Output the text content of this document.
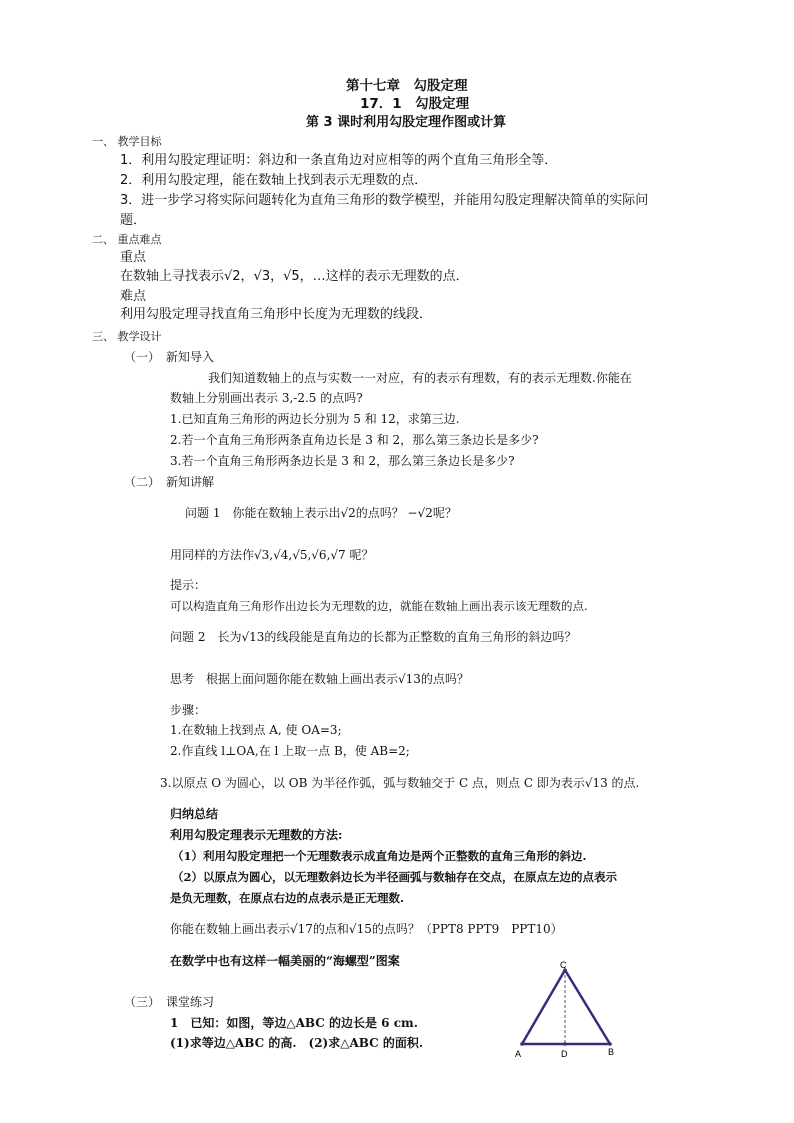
第十七章　勾股定理
17．1　勾股定理
第 3 课时利用勾股定理作图或计算
一、 教学目标
1．利用勾股定理证明：斜边和一条直角边对应相等的两个直角三角形全等．
2．利用勾股定理，能在数轴上找到表示无理数的点．
3．进一步学习将实际问题转化为直角三角形的数学模型，并能用勾股定理解决简单的实际问
题．
二、 重点难点
重点
在数轴上寻找表示√2，√3，√5，…这样的表示无理数的点．
难点
利用勾股定理寻找直角三角形中长度为无理数的线段．
三、 教学设计
（一）　新知导入
我们知道数轴上的点与实数一一对应，有的表示有理数，有的表示无理数.你能在
数轴上分别画出表示 3,-2.5 的点吗?
1.已知直角三角形的两边长分别为 5 和 12，求第三边.
2.若一个直角三角形两条直角边长是 3 和 2，那么第三条边长是多少?
3.若一个直角三角形两条边长是 3 和 2，那么第三条边长是多少?
（二）　新知讲解
问题 1　你能在数轴上表示出√2的点吗？ −√2呢？
用同样的方法作√3,√4,√5,√6,√7 呢？
提示：
可以构造直角三角形作出边长为无理数的边，就能在数轴上画出表示该无理数的点.
问题 2　长为√13的线段能是直角边的长都为正整数的直角三角形的斜边吗？
思考　根据上面问题你能在数轴上画出表示√13的点吗？
步骤：
1.在数轴上找到点 A, 使 OA=3;
2.作直线 l⊥OA,在 l 上取一点 B，使 AB=2;
3.以原点 O 为圆心，以 OB 为半径作弧，弧与数轴交于 C 点，则点 C 即为表示√13 的点.
归纳总结
利用勾股定理表示无理数的方法:
（1）利用勾股定理把一个无理数表示成直角边是两个正整数的直角三角形的斜边.
（2）以原点为圆心，以无理数斜边长为半径画弧与数轴存在交点，在原点左边的点表示
是负无理数，在原点右边的点表示是正无理数.
你能在数轴上画出表示√17的点和√15的点吗？（PPT8 PPT9　PPT10）
在数学中也有这样一幅美丽的“海螺型”图案
（三）　课堂练习
1　已知：如图，等边△ABC 的边长是 6 cm.
(1)求等边△ABC 的高.　(2)求△ABC 的面积.
C
A	D	B
